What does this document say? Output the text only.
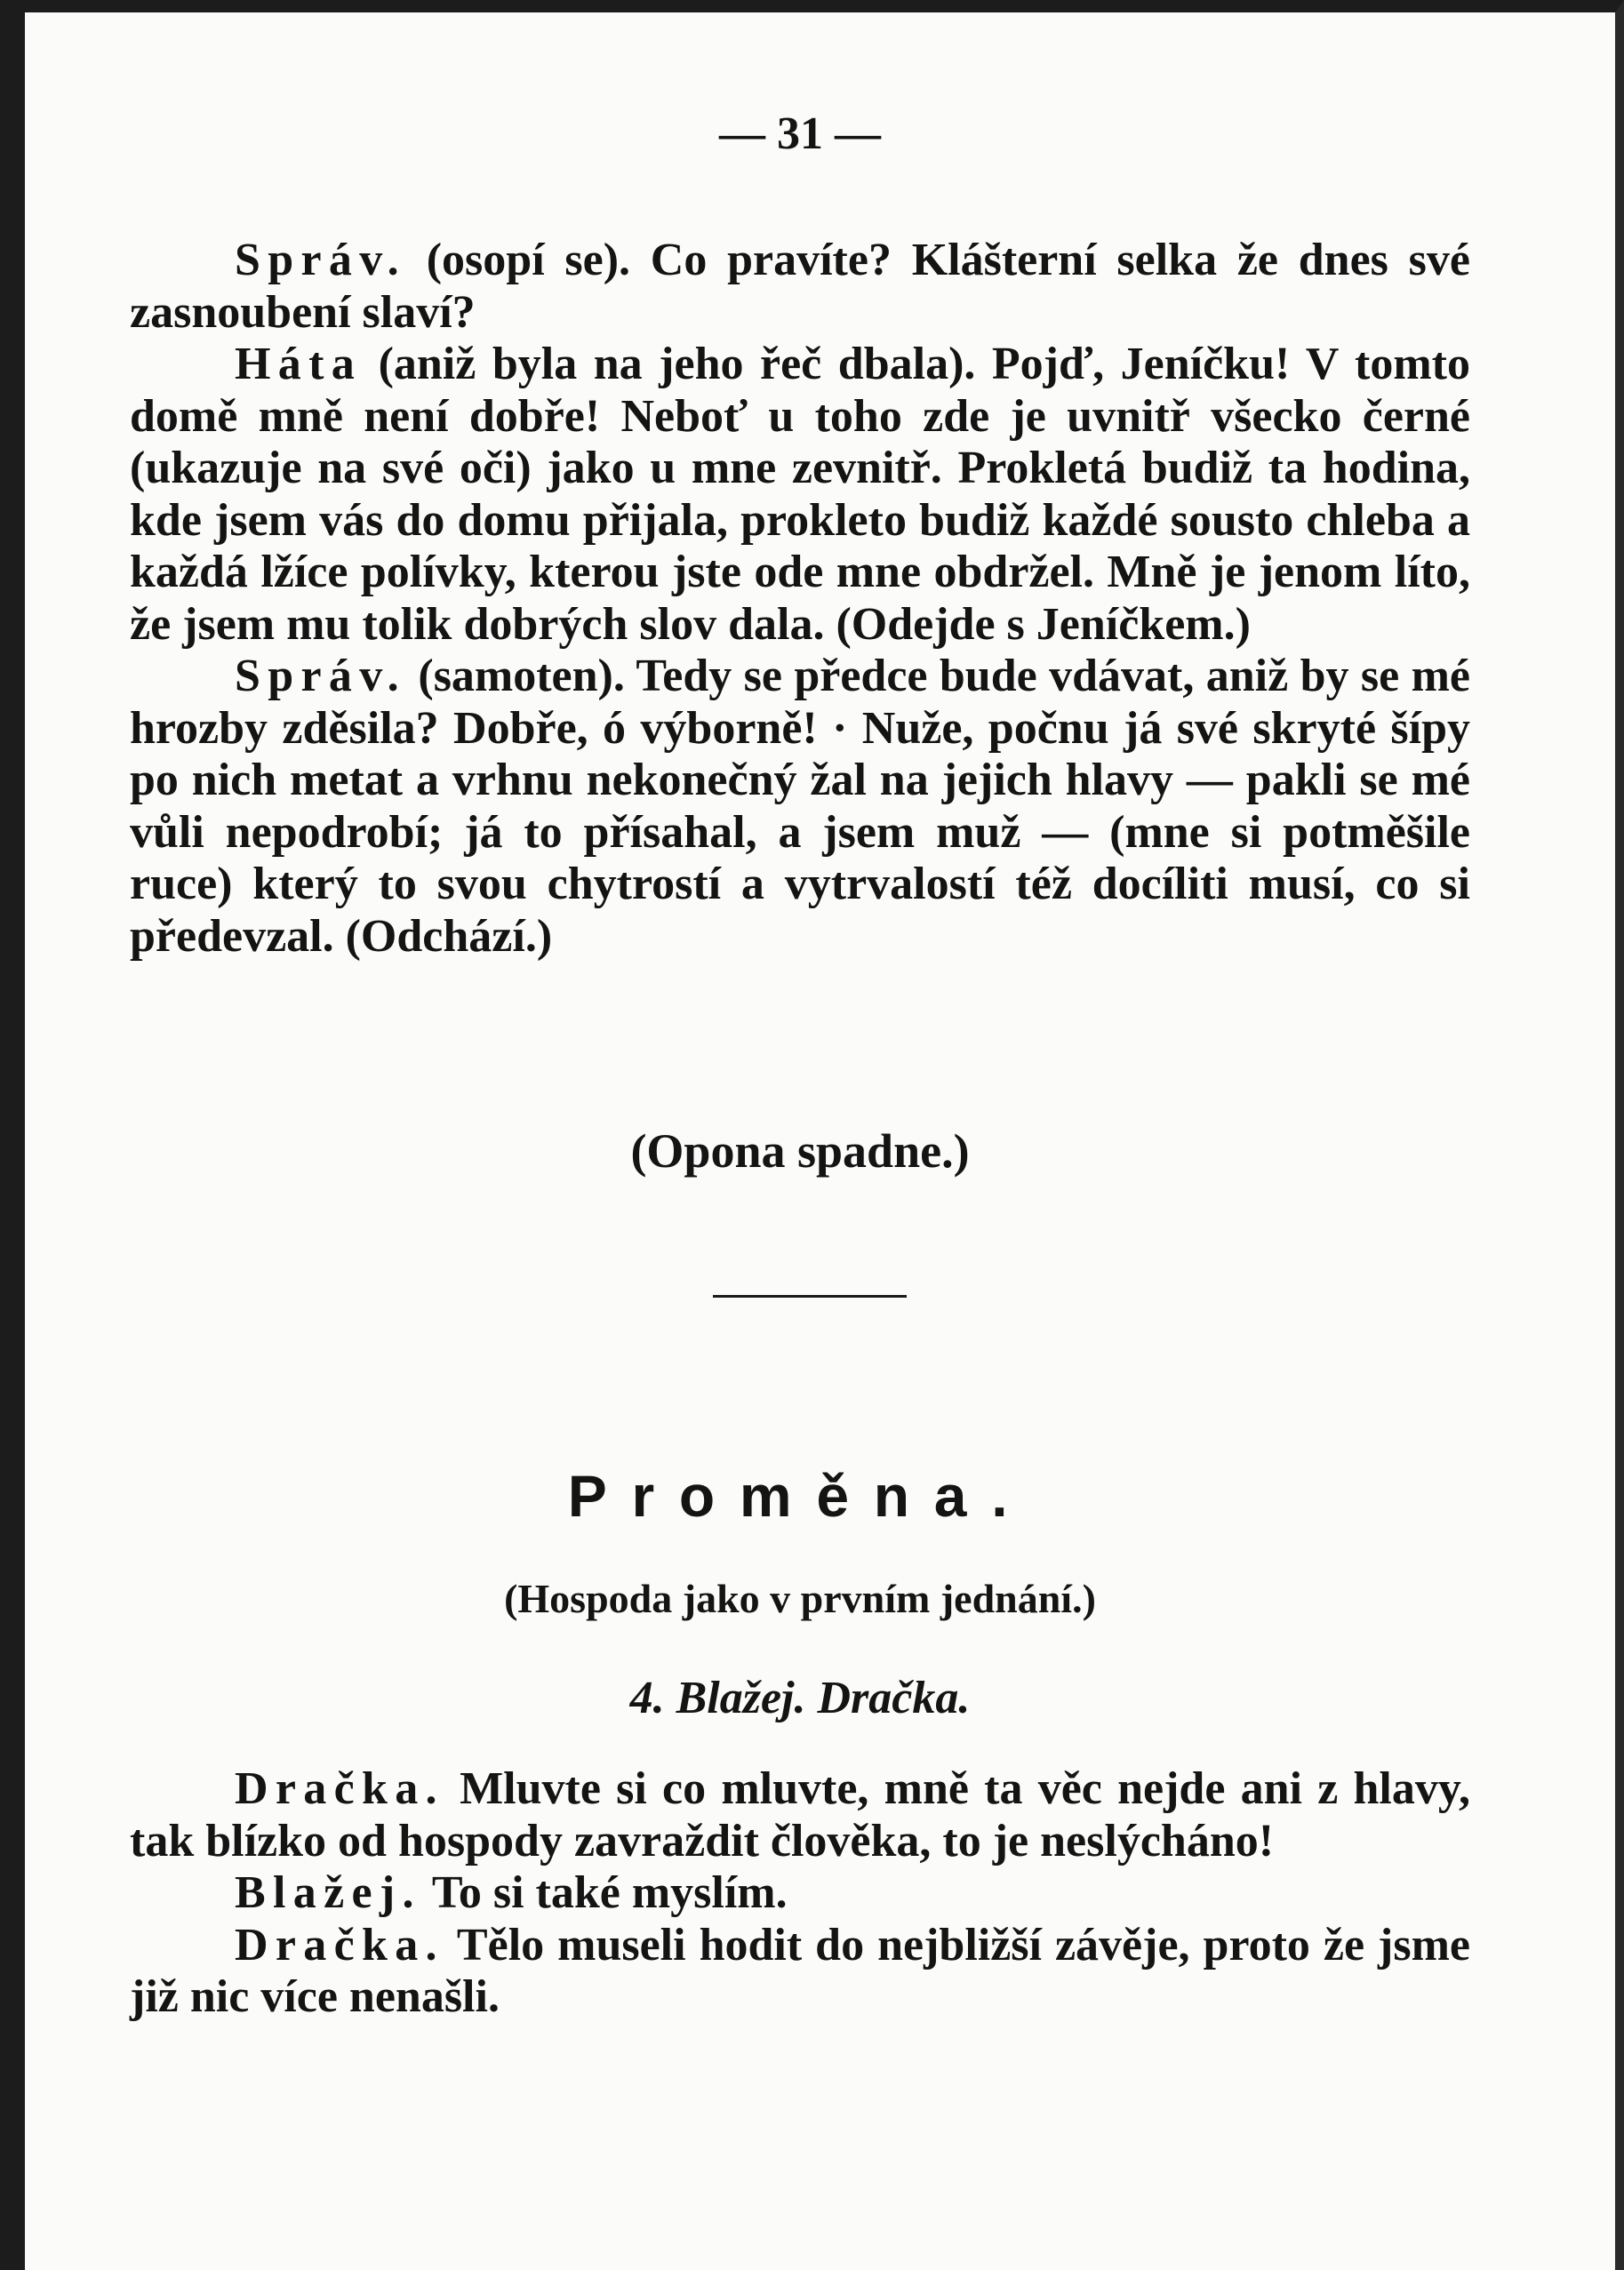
— 31 —

Správ. (osopí se). Co pravíte? Klášterní selka že dnes své zasnoubení slaví?

Háta (aniž byla na jeho řeč dbala). Pojď, Jeníčku! V tomto domě mně není dobře! Neboť u toho zde je uvnitř všecko černé (ukazuje na své oči) jako u mne zevnitř. Prokletá budiž ta hodina, kde jsem vás do domu přijala, prokleto budiž každé sousto chleba a každá lžíce polívky, kterou jste ode mne obdržel. Mně je jenom líto, že jsem mu tolik dobrých slov dala. (Odejde s Jeníčkem.)

Správ. (samoten). Tedy se předce bude vdávat, aniž by se mé hrozby zděsila? Dobře, ó výborně! · Nuže, počnu já své skryté šípy po nich metat a vrhnu nekonečný žal na jejich hlavy — pakli se mé vůli nepodrobí; já to přísahal, a jsem muž — (mne si potměšile ruce) který to svou chytrostí a vytrvalostí též docíliti musí, co si předevzal. (Odchází.)

(Opona spadne.)
Proměna.
(Hospoda jako v prvním jednání.)
4. Blažej. Dračka.

Dračka. Mluvte si co mluvte, mně ta věc nejde ani z hlavy, tak blízko od hospody zavraždit člověka, to je neslýcháno!

Blažej. To si také myslím.

Dračka. Tělo museli hodit do nejbližší závěje, proto že jsme již nic více nenašli.
